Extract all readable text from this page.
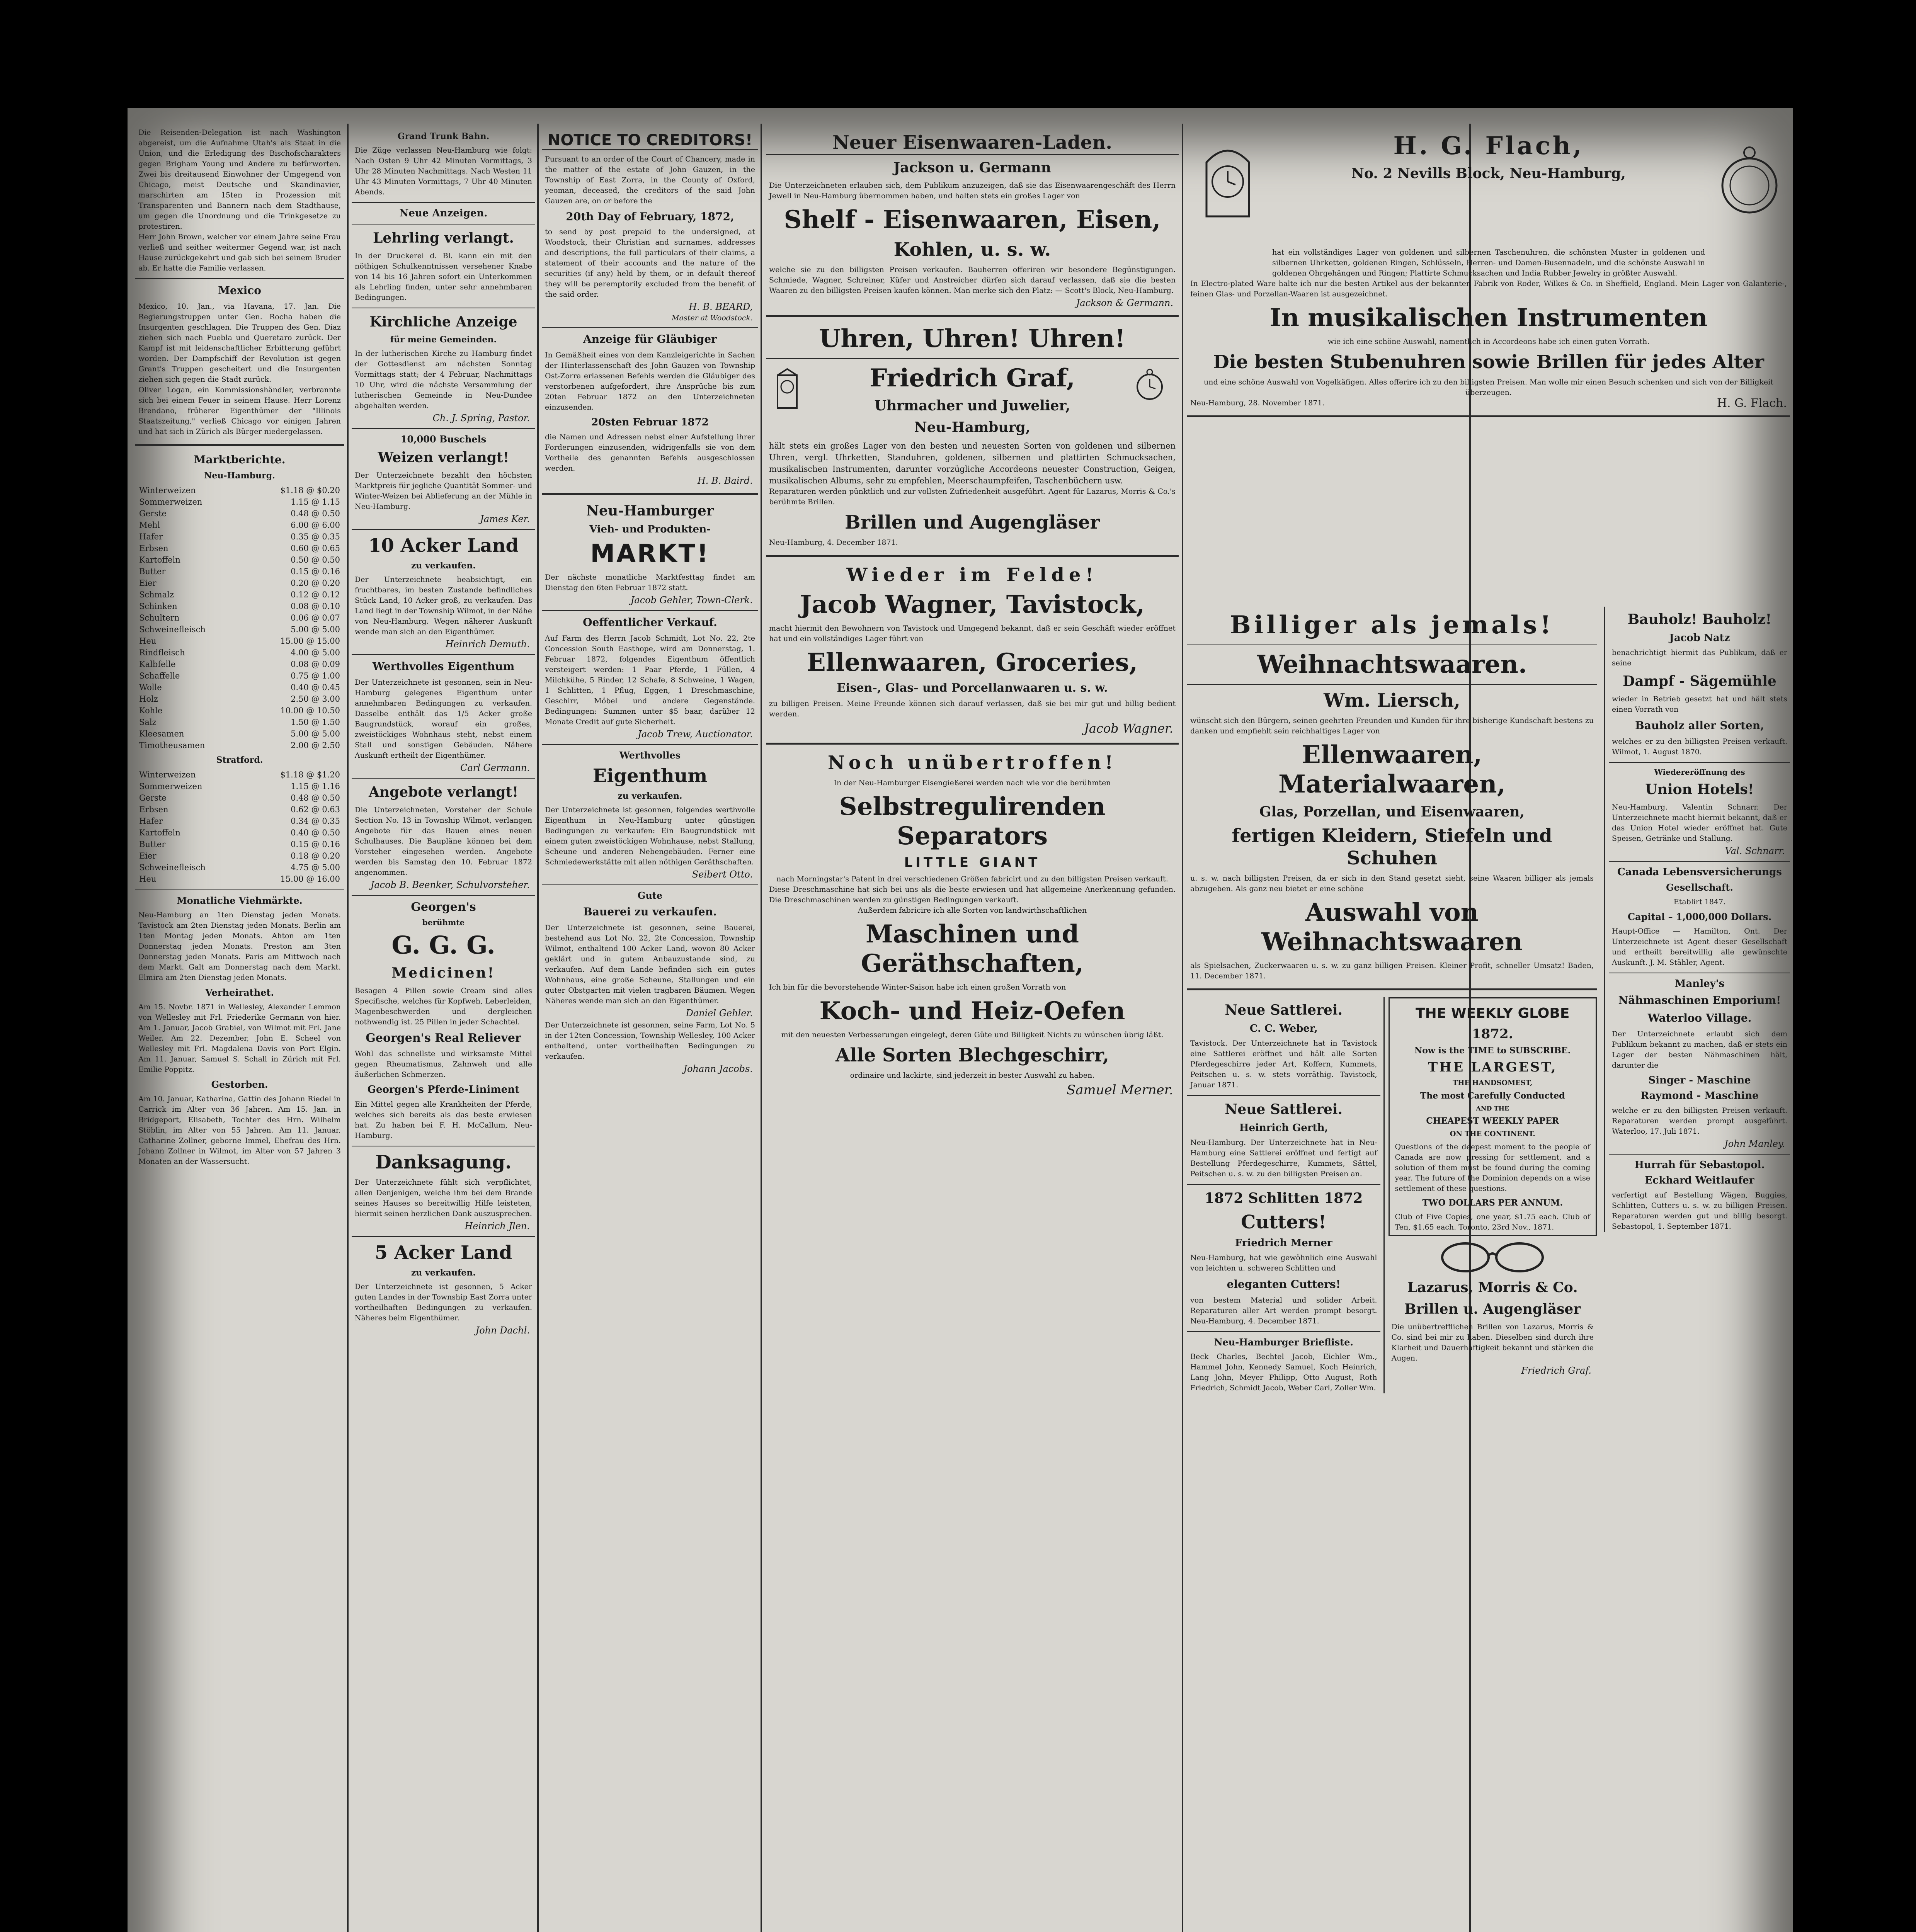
Die Reisenden-Delegation ist nach Washington abgereist, um die Aufnahme Utah's als Staat in die Union, und die Erledigung des Bischofscharakters gegen Brigham Young und Andere zu befürworten. Zwei bis dreitausend Einwohner der Umgegend von Chicago, meist Deutsche und Skandinavier, marschirten am 15ten in Prozession mit Transparenten und Bannern nach dem Stadthause, um gegen die Unordnung und die Trinkgesetze zu protestiren.
Herr John Brown, welcher vor einem Jahre seine Frau verließ und seither weitermer Gegend war, ist nach Hause zurückgekehrt und gab sich bei seinem Bruder ab. Er hatte die Familie verlassen.
Mexico
Mexico, 10. Jan., via Havana, 17. Jan. Die Regierungstruppen unter Gen. Rocha haben die Insurgenten geschlagen. Die Truppen des Gen. Diaz ziehen sich nach Puebla und Queretaro zurück. Der Kampf ist mit leidenschaftlicher Erbitterung geführt worden. Der Dampfschiff der Revolution ist gegen Grant's Truppen gescheitert und die Insurgenten ziehen sich gegen die Stadt zurück.
Oliver Logan, ein Kommissionshändler, verbrannte sich bei einem Feuer in seinem Hause. Herr Lorenz Brendano, früherer Eigenthümer der "Illinois Staatszeitung," verließ Chicago vor einigen Jahren und hat sich in Zürich als Bürger niedergelassen.
Marktberichte.
Neu-Hamburg.
Winterweizen	$1.18 @ $0.20
Sommerweizen	1.15 @ 1.15
Gerste	0.48 @ 0.50
Mehl	6.00 @ 6.00
Hafer	0.35 @ 0.35
Erbsen	0.60 @ 0.65
Kartoffeln	0.50 @ 0.50
Butter	0.15 @ 0.16
Eier	0.20 @ 0.20
Schmalz	0.12 @ 0.12
Schinken	0.08 @ 0.10
Schultern	0.06 @ 0.07
Schweinefleisch	5.00 @ 5.00
Heu	15.00 @ 15.00
Rindfleisch	4.00 @ 5.00
Kalbfelle	0.08 @ 0.09
Schaffelle	0.75 @ 1.00
Wolle	0.40 @ 0.45
Holz	2.50 @ 3.00
Kohle	10.00 @ 10.50
Salz	1.50 @ 1.50
Kleesamen	5.00 @ 5.00
Timotheusamen	2.00 @ 2.50
Stratford.
Winterweizen	$1.18 @ $1.20
Sommerweizen	1.15 @ 1.16
Gerste	0.48 @ 0.50
Erbsen	0.62 @ 0.63
Hafer	0.34 @ 0.35
Kartoffeln	0.40 @ 0.50
Butter	0.15 @ 0.16
Eier	0.18 @ 0.20
Schweinefleisch	4.75 @ 5.00
Heu	15.00 @ 16.00
Monatliche Viehmärkte.
Neu-Hamburg an 1ten Dienstag jeden Monats. Tavistock am 2ten Dienstag jeden Monats. Berlin am 1ten Montag jeden Monats. Ahton am 1ten Donnerstag jeden Monats. Preston am 3ten Donnerstag jeden Monats. Paris am Mittwoch nach dem Markt. Galt am Donnerstag nach dem Markt. Elmira am 2ten Dienstag jeden Monats.
Verheirathet.
Am 15. Novbr. 1871 in Wellesley, Alexander Lemmon von Wellesley mit Frl. Friederike Germann von hier. Am 1. Januar, Jacob Grabiel, von Wilmot mit Frl. Jane Weiler. Am 22. Dezember, John E. Scheel von Wellesley mit Frl. Magdalena Davis von Port Elgin. Am 11. Januar, Samuel S. Schall in Zürich mit Frl. Emilie Poppitz.
Gestorben.
Am 10. Januar, Katharina, Gattin des Johann Riedel in Carrick im Alter von 36 Jahren. Am 15. Jan. in Bridgeport, Elisabeth, Tochter des Hrn. Wilhelm Stöblin, im Alter von 55 Jahren. Am 11. Januar, Catharine Zollner, geborne Immel, Ehefrau des Hrn. Johann Zollner in Wilmot, im Alter von 57 Jahren 3 Monaten an der Wassersucht.
Grand Trunk Bahn.
Die Züge verlassen Neu-Hamburg wie folgt: Nach Osten 9 Uhr 42 Minuten Vormittags, 3 Uhr 28 Minuten Nachmittags. Nach Westen 11 Uhr 43 Minuten Vormittags, 7 Uhr 40 Minuten Abends.
Neue Anzeigen.
Lehrling verlangt.
In der Druckerei d. Bl. kann ein mit den nöthigen Schulkenntnissen versehener Knabe von 14 bis 16 Jahren sofort ein Unterkommen als Lehrling finden, unter sehr annehmbaren Bedingungen.
Kirchliche Anzeige
für meine Gemeinden.
In der lutherischen Kirche zu Hamburg findet der Gottesdienst am nächsten Sonntag Vormittags statt; der 4 Februar, Nachmittags 10 Uhr, wird die nächste Versammlung der lutherischen Gemeinde in Neu-Dundee abgehalten werden.
Ch. J. Spring, Pastor.
10,000 Buschels
Weizen verlangt!
Der Unterzeichnete bezahlt den höchsten Marktpreis für jegliche Quantität Sommer- und Winter-Weizen bei Ablieferung an der Mühle in Neu-Hamburg.
James Ker.
10 Acker Land
zu verkaufen.
Der Unterzeichnete beabsichtigt, ein fruchtbares, im besten Zustande befindliches Stück Land, 10 Acker groß, zu verkaufen. Das Land liegt in der Township Wilmot, in der Nähe von Neu-Hamburg. Wegen näherer Auskunft wende man sich an den Eigenthümer.
Heinrich Demuth.
Werthvolles Eigenthum
Der Unterzeichnete ist gesonnen, sein in Neu-Hamburg gelegenes Eigenthum unter annehmbaren Bedingungen zu verkaufen. Dasselbe enthält das 1/5 Acker große Baugrundstück, worauf ein großes, zweistöckiges Wohnhaus steht, nebst einem Stall und sonstigen Gebäuden. Nähere Auskunft ertheilt der Eigenthümer.
Carl Germann.
Angebote verlangt!
Die Unterzeichneten, Vorsteher der Schule Section No. 13 in Township Wilmot, verlangen Angebote für das Bauen eines neuen Schulhauses. Die Baupläne können bei dem Vorsteher eingesehen werden. Angebote werden bis Samstag den 10. Februar 1872 angenommen.
Jacob B. Beenker, Schulvorsteher.
Georgen's
berühmte
G. G. G.
Medicinen!
Besagen 4 Pillen sowie Cream sind alles Specifische, welches für Kopfweh, Leberleiden, Magenbeschwerden und dergleichen nothwendig ist. 25 Pillen in jeder Schachtel.
Georgen's Real Reliever
Wohl das schnellste und wirksamste Mittel gegen Rheumatismus, Zahnweh und alle äußerlichen Schmerzen.
Georgen's Pferde-Liniment
Ein Mittel gegen alle Krankheiten der Pferde, welches sich bereits als das beste erwiesen hat. Zu haben bei F. H. McCallum, Neu-Hamburg.
Danksagung.
Der Unterzeichnete fühlt sich verpflichtet, allen Denjenigen, welche ihm bei dem Brande seines Hauses so bereitwillig Hilfe leisteten, hiermit seinen herzlichen Dank auszusprechen.
Heinrich Jlen.
5 Acker Land
zu verkaufen.
Der Unterzeichnete ist gesonnen, 5 Acker guten Landes in der Township East Zorra unter vortheilhaften Bedingungen zu verkaufen. Näheres beim Eigenthümer.
John Dachl.
NOTICE TO CREDITORS!
Pursuant to an order of the Court of Chancery, made in the matter of the estate of John Gauzen, in the Township of East Zorra, in the County of Oxford, yeoman, deceased, the creditors of the said John Gauzen are, on or before the
20th Day of February, 1872,
to send by post prepaid to the undersigned, at Woodstock, their Christian and surnames, addresses and descriptions, the full particulars of their claims, a statement of their accounts and the nature of the securities (if any) held by them, or in default thereof they will be peremptorily excluded from the benefit of the said order.
H. B. BEARD,
Master at Woodstock.
Anzeige für Gläubiger
In Gemäßheit eines von dem Kanzleigerichte in Sachen der Hinterlassenschaft des John Gauzen von Township Ost-Zorra erlassenen Befehls werden die Gläubiger des verstorbenen aufgefordert, ihre Ansprüche bis zum 20ten Februar 1872 an den Unterzeichneten einzusenden.
20sten Februar 1872
die Namen und Adressen nebst einer Aufstellung ihrer Forderungen einzusenden, widrigenfalls sie von dem Vortheile des genannten Befehls ausgeschlossen werden.
H. B. Baird.
Neu-Hamburger
Vieh- und Produkten-
MARKT!
Der nächste monatliche Marktfesttag findet am Dienstag den 6ten Februar 1872 statt.
Jacob Gehler, Town-Clerk.
Oeffentlicher Verkauf.
Auf Farm des Herrn Jacob Schmidt, Lot No. 22, 2te Concession South Easthope, wird am Donnerstag, 1. Februar 1872, folgendes Eigenthum öffentlich versteigert werden: 1 Paar Pferde, 1 Füllen, 4 Milchkühe, 5 Rinder, 12 Schafe, 8 Schweine, 1 Wagen, 1 Schlitten, 1 Pflug, Eggen, 1 Dreschmaschine, Geschirr, Möbel und andere Gegenstände. Bedingungen: Summen unter $5 baar, darüber 12 Monate Credit auf gute Sicherheit.
Jacob Trew, Auctionator.
Werthvolles
Eigenthum
zu verkaufen.
Der Unterzeichnete ist gesonnen, folgendes werthvolle Eigenthum in Neu-Hamburg unter günstigen Bedingungen zu verkaufen: Ein Baugrundstück mit einem guten zweistöckigen Wohnhause, nebst Stallung, Scheune und anderen Nebengebäuden. Ferner eine Schmiedewerkstätte mit allen nöthigen Geräthschaften.
Seibert Otto.
Gute
Bauerei zu verkaufen.
Der Unterzeichnete ist gesonnen, seine Bauerei, bestehend aus Lot No. 22, 2te Concession, Township Wilmot, enthaltend 100 Acker Land, wovon 80 Acker geklärt und in gutem Anbauzustande sind, zu verkaufen. Auf dem Lande befinden sich ein gutes Wohnhaus, eine große Scheune, Stallungen und ein guter Obstgarten mit vielen tragbaren Bäumen. Wegen Näheres wende man sich an den Eigenthümer.
Daniel Gehler.
Der Unterzeichnete ist gesonnen, seine Farm, Lot No. 5 in der 12ten Concession, Township Wellesley, 100 Acker enthaltend, unter vortheilhaften Bedingungen zu verkaufen.
Johann Jacobs.
Neuer Eisenwaaren-Laden.
Jackson u. Germann
Die Unterzeichneten erlauben sich, dem Publikum anzuzeigen, daß sie das Eisenwaarengeschäft des Herrn Jewell in Neu-Hamburg übernommen haben, und halten stets ein großes Lager von
Shelf - Eisenwaaren, Eisen,
Kohlen, u. s. w.
welche sie zu den billigsten Preisen verkaufen. Bauherren offeriren wir besondere Begünstigungen. Schmiede, Wagner, Schreiner, Küfer und Anstreicher dürfen sich darauf verlassen, daß sie die besten Waaren zu den billigsten Preisen kaufen können. Man merke sich den Platz: — Scott's Block, Neu-Hamburg.
Jackson & Germann.
Uhren, Uhren! Uhren!
Friedrich Graf,
Uhrmacher und Juwelier,
Neu-Hamburg,
hält stets ein großes Lager von den besten und neuesten Sorten von goldenen und silbernen Uhren, vergl. Uhrketten, Standuhren, goldenen, silbernen und plattirten Schmucksachen, musikalischen Instrumenten, darunter vorzügliche Accordeons neuester Construction, Geigen, musikalischen Albums, sehr zu empfehlen, Meerschaumpfeifen, Taschenbüchern usw.
Reparaturen werden pünktlich und zur vollsten Zufriedenheit ausgeführt. Agent für Lazarus, Morris & Co.'s berühmte Brillen.
Brillen und Augengläser
Neu-Hamburg, 4. December 1871.
Wieder im Felde!
Jacob Wagner, Tavistock,
macht hiermit den Bewohnern von Tavistock und Umgegend bekannt, daß er sein Geschäft wieder eröffnet hat und ein vollständiges Lager führt von
Ellenwaaren, Groceries,
Eisen-, Glas- und Porcellanwaaren u. s. w.
zu billigen Preisen. Meine Freunde können sich darauf verlassen, daß sie bei mir gut und billig bedient werden.
Jacob Wagner.
Noch unübertroffen!
In der Neu-Hamburger Eisengießerei werden nach wie vor die berühmten
Selbstregulirenden Separators
LITTLE GIANT
nach Morningstar's Patent in drei verschiedenen Größen fabricirt und zu den billigsten Preisen verkauft.
Diese Dreschmaschine hat sich bei uns als die beste erwiesen und hat allgemeine Anerkennung gefunden. Die Dreschmaschinen werden zu günstigen Bedingungen verkauft.
Außerdem fabricire ich alle Sorten von landwirthschaftlichen
Maschinen und Geräthschaften,
Ich bin für die bevorstehende Winter-Saison habe ich einen großen Vorrath von
Koch- und Heiz-Oefen
mit den neuesten Verbesserungen eingelegt, deren Güte und Billigkeit Nichts zu wünschen übrig läßt.
Alle Sorten Blechgeschirr,
ordinaire und lackirte, sind jederzeit in bester Auswahl zu haben.
Samuel Merner.
H. G. Flach,
No. 2 Nevills Block, Neu-Hamburg,
hat ein vollständiges Lager von goldenen und silbernen Taschenuhren, die schönsten Muster in goldenen und silbernen Uhrketten, goldenen Ringen, Schlüsseln, Herren- und Damen-Busennadeln, und die schönste Auswahl in goldenen Ohrgehängen und Ringen; Plattirte Schmucksachen und India Rubber Jewelry in größter Auswahl.
In Electro-plated Ware halte ich nur die besten Artikel aus der bekannten Fabrik von Roder, Wilkes & Co. in Sheffield, England. Mein Lager von Galanterie-, feinen Glas- und Porzellan-Waaren ist ausgezeichnet.
In musikalischen Instrumenten
wie ich eine schöne Auswahl, namentlich in Accordeons habe ich einen guten Vorrath.
Die besten Stubenuhren sowie Brillen für jedes Alter
und eine schöne Auswahl von Vogelkäfigen. Alles offerire ich zu den billigsten Preisen. Man wolle mir einen Besuch schenken und sich von der Billigkeit überzeugen.
Neu-Hamburg, 28. November 1871.	H. G. Flach.
Billiger als jemals!
Weihnachtswaaren.
Wm. Liersch,
wünscht sich den Bürgern, seinen geehrten Freunden und Kunden für ihre bisherige Kundschaft bestens zu danken und empfiehlt sein reichhaltiges Lager von
Ellenwaaren, Materialwaaren,
Glas, Porzellan, und Eisenwaaren,
fertigen Kleidern, Stiefeln und Schuhen
u. s. w. nach billigsten Preisen, da er sich in den Stand gesetzt sieht, seine Waaren billiger als jemals abzugeben. Als ganz neu bietet er eine schöne
Auswahl von Weihnachtswaaren
als Spielsachen, Zuckerwaaren u. s. w. zu ganz billigen Preisen. Kleiner Profit, schneller Umsatz! Baden, 11. December 1871.
Neue Sattlerei.
C. C. Weber,
Tavistock. Der Unterzeichnete hat in Tavistock eine Sattlerei eröffnet und hält alle Sorten Pferdegeschirre jeder Art, Koffern, Kummets, Peitschen u. s. w. stets vorräthig. Tavistock, Januar 1871.
Neue Sattlerei.
Heinrich Gerth,
Neu-Hamburg. Der Unterzeichnete hat in Neu-Hamburg eine Sattlerei eröffnet und fertigt auf Bestellung Pferdegeschirre, Kummets, Sättel, Peitschen u. s. w. zu den billigsten Preisen an.
1872 Schlitten 1872
Cutters!
Friedrich Merner
Neu-Hamburg, hat wie gewöhnlich eine Auswahl von leichten u. schweren Schlitten und
eleganten Cutters!
von bestem Material und solider Arbeit. Reparaturen aller Art werden prompt besorgt. Neu-Hamburg, 4. December 1871.
Neu-Hamburger Briefliste.
Beck Charles, Bechtel Jacob, Eichler Wm., Hammel John, Kennedy Samuel, Koch Heinrich, Lang John, Meyer Philipp, Otto August, Roth Friedrich, Schmidt Jacob, Weber Carl, Zoller Wm.
THE WEEKLY GLOBE
1872.
Now is the TIME to SUBSCRIBE.
THE LARGEST,
THE HANDSOMEST,
The most Carefully Conducted
AND THE
CHEAPEST WEEKLY PAPER
ON THE CONTINENT.
Questions of the deepest moment to the people of Canada are now pressing for settlement, and a solution of them must be found during the coming year. The future of the Dominion depends on a wise settlement of these questions.
TWO DOLLARS PER ANNUM.
Club of Five Copies, one year, $1.75 each. Club of Ten, $1.65 each. Toronto, 23rd Nov., 1871.
Lazarus, Morris & Co.
Brillen u. Augengläser
Die unübertrefflichen Brillen von Lazarus, Morris & Co. sind bei mir zu haben. Dieselben sind durch ihre Klarheit und Dauerhaftigkeit bekannt und stärken die Augen.
Friedrich Graf.
Bauholz! Bauholz!
Jacob Natz
benachrichtigt hiermit das Publikum, daß er seine
Dampf - Sägemühle
wieder in Betrieb gesetzt hat und hält stets einen Vorrath von
Bauholz aller Sorten,
welches er zu den billigsten Preisen verkauft. Wilmot, 1. August 1870.
Wiedereröffnung des
Union Hotels!
Neu-Hamburg. Valentin Schnarr. Der Unterzeichnete macht hiermit bekannt, daß er das Union Hotel wieder eröffnet hat. Gute Speisen, Getränke und Stallung.
Val. Schnarr.
Canada Lebensversicherungs
Gesellschaft.
Etablirt 1847.
Capital – 1,000,000 Dollars.
Haupt-Office — Hamilton, Ont. Der Unterzeichnete ist Agent dieser Gesellschaft und ertheilt bereitwillig alle gewünschte Auskunft. J. M. Stähler, Agent.
Manley's
Nähmaschinen Emporium!
Waterloo Village.
Der Unterzeichnete erlaubt sich dem Publikum bekannt zu machen, daß er stets ein Lager der besten Nähmaschinen hält, darunter die
Singer - Maschine
Raymond - Maschine
welche er zu den billigsten Preisen verkauft. Reparaturen werden prompt ausgeführt. Waterloo, 17. Juli 1871.
John Manley.
Hurrah für Sebastopol.
Eckhard Weitlaufer
verfertigt auf Bestellung Wägen, Buggies, Schlitten, Cutters u. s. w. zu billigen Preisen. Reparaturen werden gut und billig besorgt. Sebastopol, 1. September 1871.
